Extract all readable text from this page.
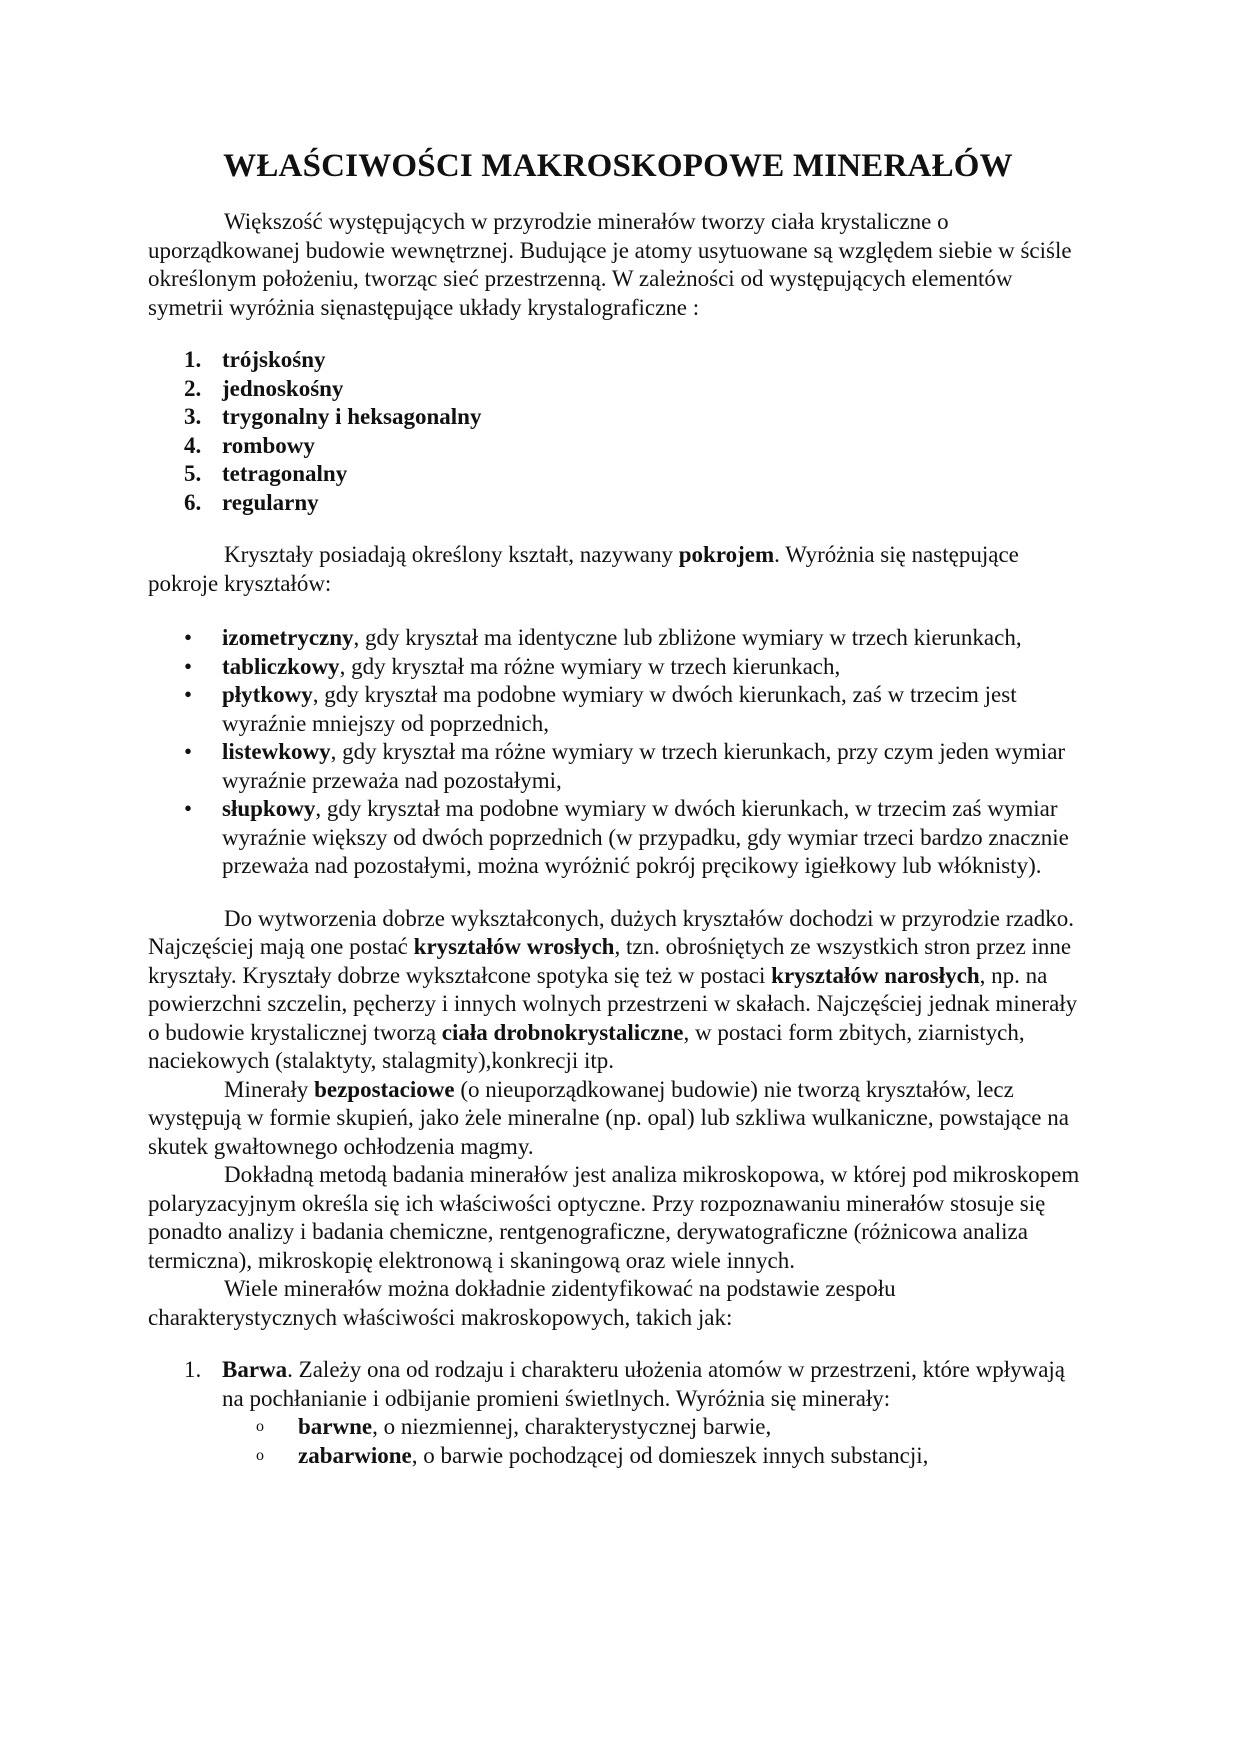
WŁAŚCIWOŚCI MAKROSKOPOWE MINERAŁÓW

Większość występujących w przyrodzie minerałów tworzy ciała krystaliczne o uporządkowanej budowie wewnętrznej. Budujące je atomy usytuowane są względem siebie w ściśle określonym położeniu, tworząc sieć przestrzenną. W zależności od występujących elementów symetrii wyróżnia sięnastępujące układy krystalograficzne :

1. trójskośny
2. jednoskośny
3. trygonalny i heksagonalny
4. rombowy
5. tetragonalny
6. regularny

Kryształy posiadają określony kształt, nazywany pokrojem. Wyróżnia się następujące pokroje kryształów:

• izometryczny, gdy kryształ ma identyczne lub zbliżone wymiary w trzech kierunkach,
• tabliczkowy, gdy kryształ ma różne wymiary w trzech kierunkach,
• płytkowy, gdy kryształ ma podobne wymiary w dwóch kierunkach, zaś w trzecim jest wyraźnie mniejszy od poprzednich,
• listewkowy, gdy kryształ ma różne wymiary w trzech kierunkach, przy czym jeden wymiar wyraźnie przeważa nad pozostałymi,
• słupkowy, gdy kryształ ma podobne wymiary w dwóch kierunkach, w trzecim zaś wymiar wyraźnie większy od dwóch poprzednich (w przypadku, gdy wymiar trzeci bardzo znacznie przeważa nad pozostałymi, można wyróżnić pokrój pręcikowy igiełkowy lub włóknisty).

Do wytworzenia dobrze wykształconych, dużych kryształów dochodzi w przyrodzie rzadko. Najczęściej mają one postać kryształów wrosłych, tzn. obrośniętych ze wszystkich stron przez inne kryształy. Kryształy dobrze wykształcone spotyka się też w postaci kryształów narosłych, np. na powierzchni szczelin, pęcherzy i innych wolnych przestrzeni w skałach. Najczęściej jednak minerały o budowie krystalicznej tworzą ciała drobnokrystaliczne, w postaci form zbitych, ziarnistych, naciekowych (stalaktyty, stalagmity),konkrecji itp.

Minerały bezpostaciowe (o nieuporządkowanej budowie) nie tworzą kryształów, lecz występują w formie skupień, jako żele mineralne (np. opal) lub szkliwa wulkaniczne, powstające na skutek gwałtownego ochłodzenia magmy.

Dokładną metodą badania minerałów jest analiza mikroskopowa, w której pod mikroskopem polaryzacyjnym określa się ich właściwości optyczne. Przy rozpoznawaniu minerałów stosuje się ponadto analizy i badania chemiczne, rentgenograficzne, derywatograficzne (różnicowa analiza termiczna), mikroskopię elektronową i skaningową oraz wiele innych.

Wiele minerałów można dokładnie zidentyfikować na podstawie zespołu charakterystycznych właściwości makroskopowych, takich jak:

1. Barwa. Zależy ona od rodzaju i charakteru ułożenia atomów w przestrzeni, które wpływają na pochłanianie i odbijanie promieni świetlnych. Wyróżnia się minerały:
o barwne, o niezmiennej, charakterystycznej barwie,
o zabarwione, o barwie pochodzącej od domieszek innych substancji,
